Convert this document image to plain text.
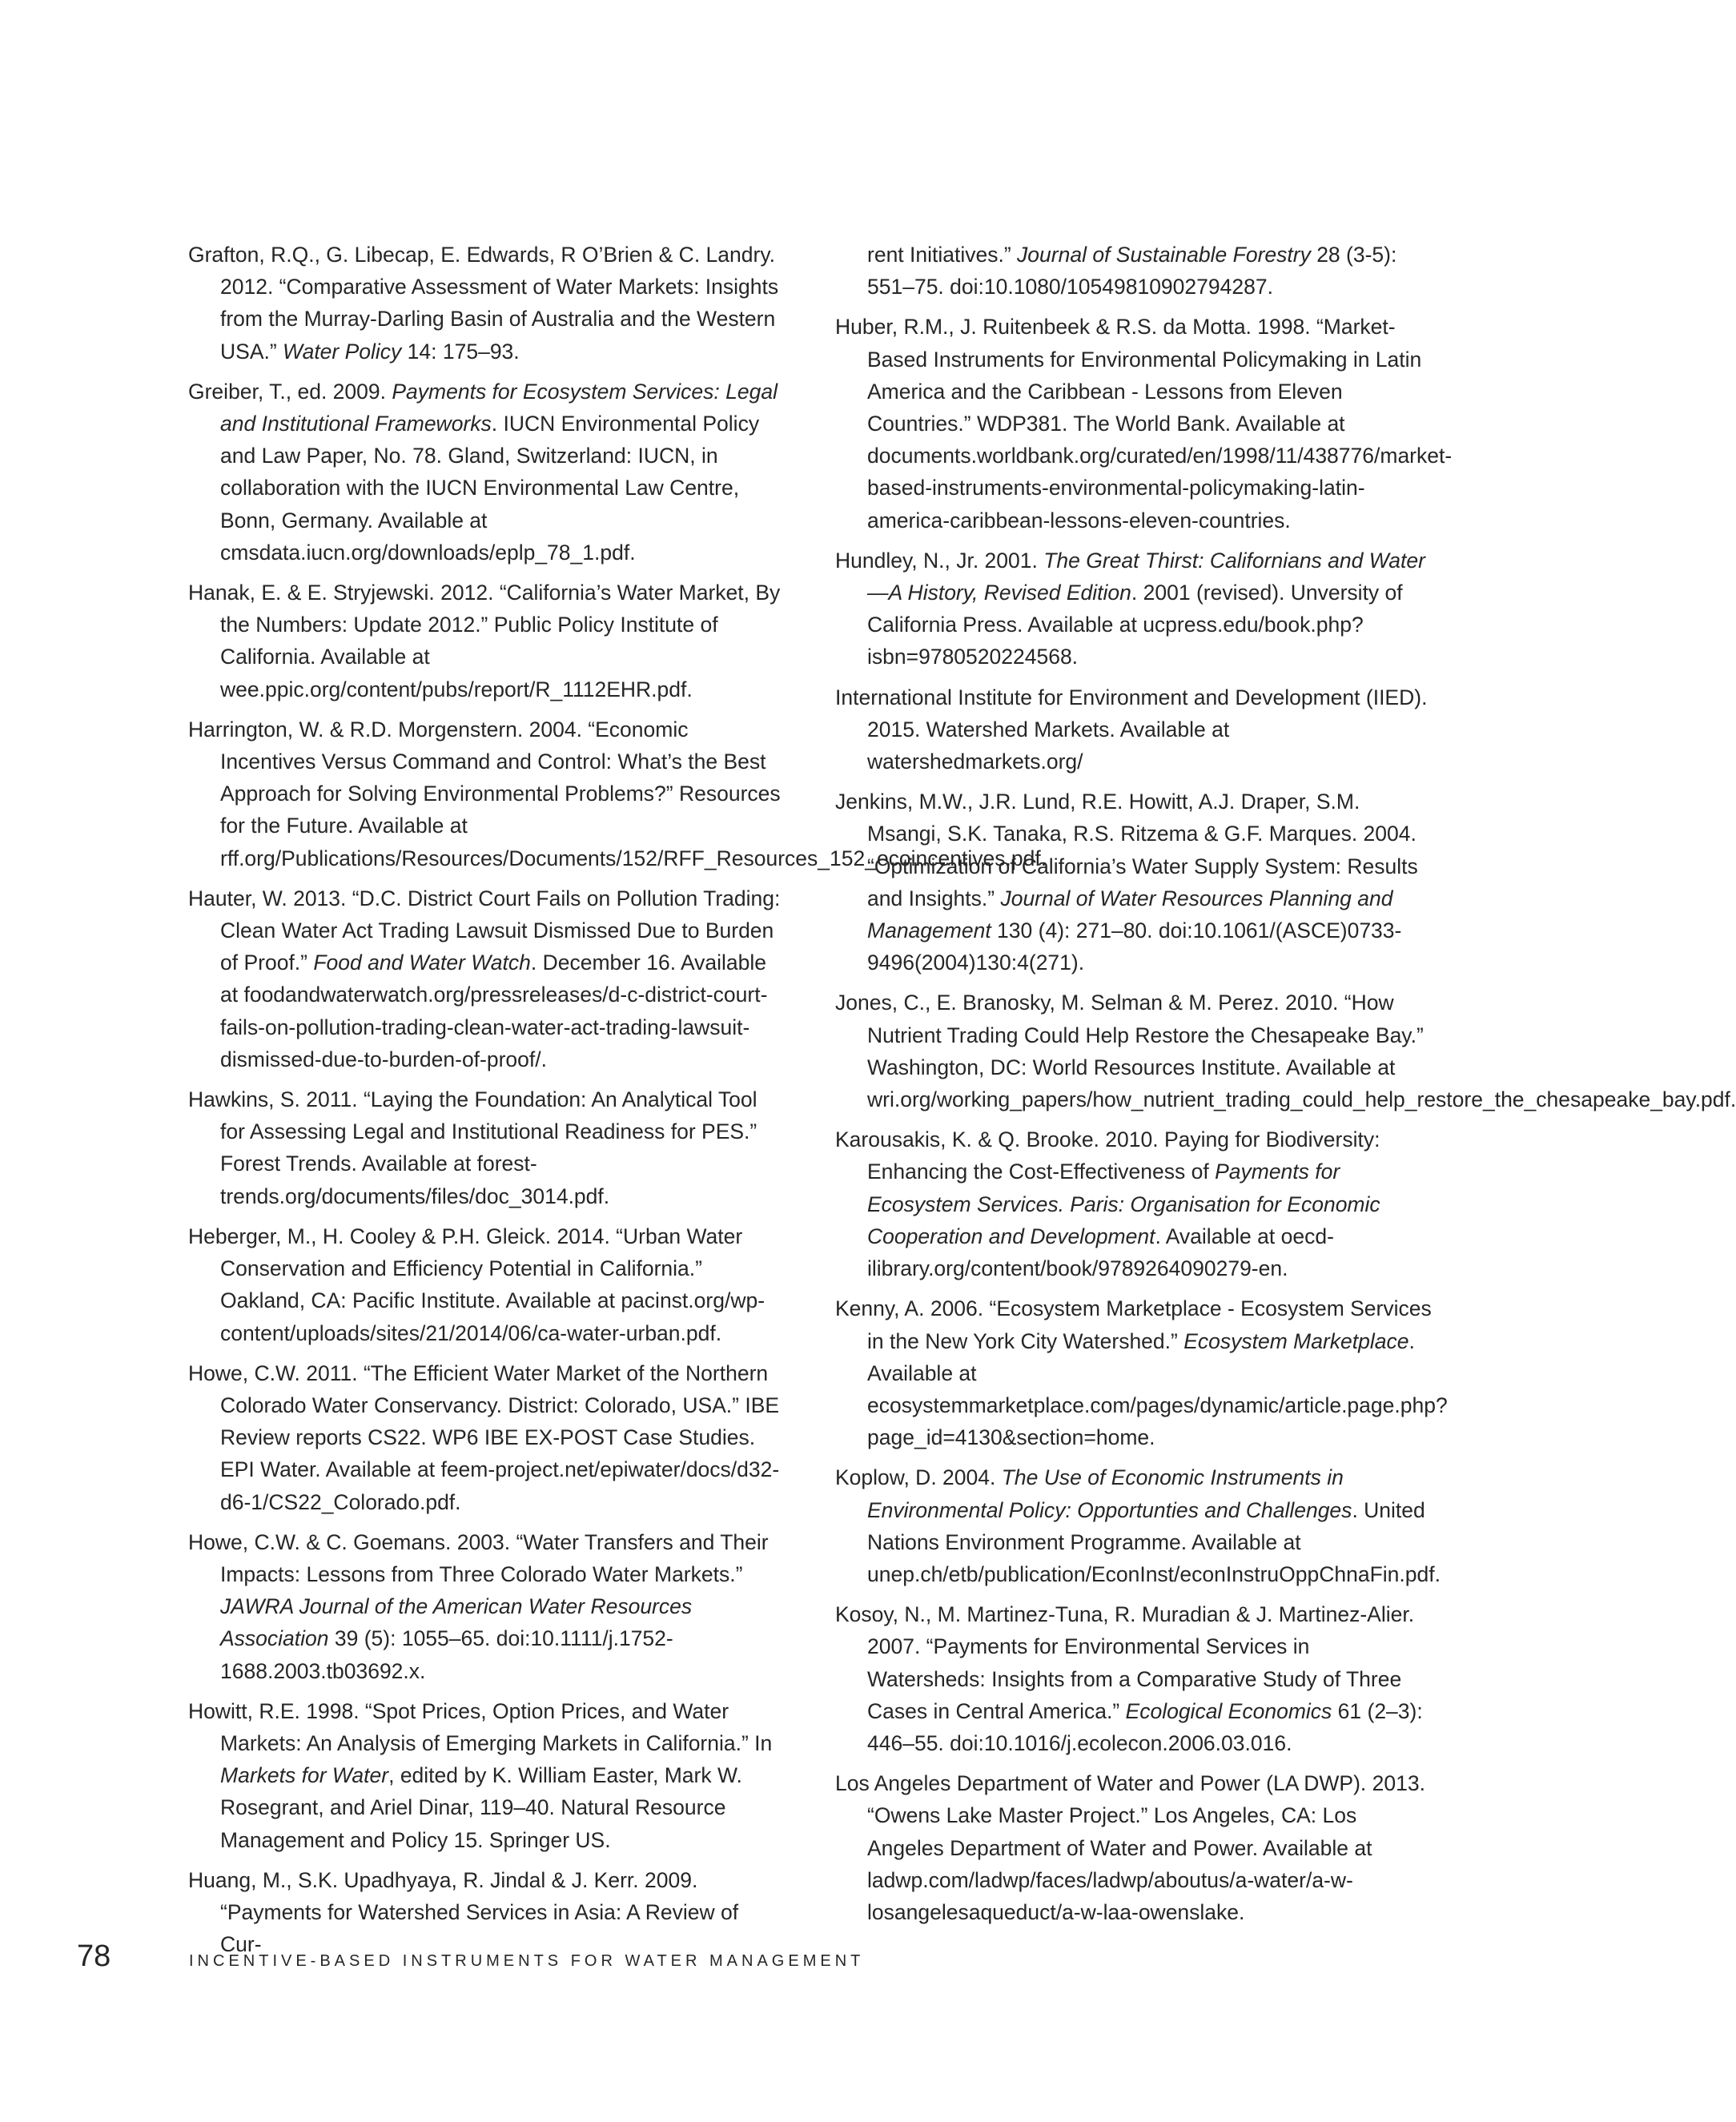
Grafton, R.Q., G. Libecap, E. Edwards, R O’Brien & C. Landry. 2012. “Comparative Assessment of Water Markets: Insights from the Murray-Darling Basin of Australia and the Western USA.” Water Policy 14: 175–93.

Greiber, T., ed. 2009. Payments for Ecosystem Services: Legal and Institutional Frameworks. IUCN Environmental Policy and Law Paper, No. 78. Gland, Switzerland: IUCN, in collaboration with the IUCN Environmental Law Centre, Bonn, Germany. Available at cmsdata.iucn.org/downloads/eplp_78_1.pdf.

Hanak, E. & E. Stryjewski. 2012. “California’s Water Market, By the Numbers: Update 2012.” Public Policy Institute of California. Available at wee.ppic.org/content/pubs/report/R_1112EHR.pdf.

Harrington, W. & R.D. Morgenstern. 2004. “Economic Incentives Versus Command and Control: What’s the Best Approach for Solving Environmental Problems?” Resources for the Future. Available at rff.org/Publications/Resources/Documents/152/RFF_Resources_152_ecoincentives.pdf.

Hauter, W. 2013. “D.C. District Court Fails on Pollution Trading: Clean Water Act Trading Lawsuit Dismissed Due to Burden of Proof.” Food and Water Watch. December 16. Available at foodandwaterwatch.org/pressreleases/d-c-district-court-fails-on-pollution-trading-clean-water-act-trading-lawsuit-dismissed-due-to-burden-of-proof/.

Hawkins, S. 2011. “Laying the Foundation: An Analytical Tool for Assessing Legal and Institutional Readiness for PES.” Forest Trends. Available at forest-trends.org/documents/files/doc_3014.pdf.

Heberger, M., H. Cooley & P.H. Gleick. 2014. “Urban Water Conservation and Efficiency Potential in California.” Oakland, CA: Pacific Institute. Available at pacinst.org/wp-content/uploads/sites/21/2014/06/ca-water-urban.pdf.

Howe, C.W. 2011. “The Efficient Water Market of the Northern Colorado Water Conservancy. District: Colorado, USA.” IBE Review reports CS22. WP6 IBE EX-POST Case Studies. EPI Water. Available at feem-project.net/epiwater/docs/d32-d6-1/CS22_Colorado.pdf.

Howe, C.W. & C. Goemans. 2003. “Water Transfers and Their Impacts: Lessons from Three Colorado Water Markets.” JAWRA Journal of the American Water Resources Association 39 (5): 1055–65. doi:10.1111/j.1752-1688.2003.tb03692.x.

Howitt, R.E. 1998. “Spot Prices, Option Prices, and Water Markets: An Analysis of Emerging Markets in California.” In Markets for Water, edited by K. William Easter, Mark W. Rosegrant, and Ariel Dinar, 119–40. Natural Resource Management and Policy 15. Springer US.

Huang, M., S.K. Upadhyaya, R. Jindal & J. Kerr. 2009. “Payments for Watershed Services in Asia: A Review of Cur-

rent Initiatives.” Journal of Sustainable Forestry 28 (3-5): 551–75. doi:10.1080/10549810902794287.

Huber, R.M., J. Ruitenbeek & R.S. da Motta. 1998. “Market-Based Instruments for Environmental Policymaking in Latin America and the Caribbean - Lessons from Eleven Countries.” WDP381. The World Bank. Available at documents.worldbank.org/curated/en/1998/11/438776/market-based-instruments-environmental-policymaking-latin-america-caribbean-lessons-eleven-countries.

Hundley, N., Jr. 2001. The Great Thirst: Californians and Water—A History, Revised Edition. 2001 (revised). Unversity of California Press. Available at ucpress.edu/book.php?isbn=9780520224568.

International Institute for Environment and Development (IIED). 2015. Watershed Markets. Available at watershedmarkets.org/

Jenkins, M.W., J.R. Lund, R.E. Howitt, A.J. Draper, S.M. Msangi, S.K. Tanaka, R.S. Ritzema & G.F. Marques. 2004. “Optimization of California’s Water Supply System: Results and Insights.” Journal of Water Resources Planning and Management 130 (4): 271–80. doi:10.1061/(ASCE)0733-9496(2004)130:4(271).

Jones, C., E. Branosky, M. Selman & M. Perez. 2010. “How Nutrient Trading Could Help Restore the Chesapeake Bay.” Washington, DC: World Resources Institute. Available at wri.org/working_papers/how_nutrient_trading_could_help_restore_the_chesapeake_bay.pdf.

Karousakis, K. & Q. Brooke. 2010. Paying for Biodiversity: Enhancing the Cost-Effectiveness of Payments for Ecosystem Services. Paris: Organisation for Economic Cooperation and Development. Available at oecd-ilibrary.org/content/book/9789264090279-en.

Kenny, A. 2006. “Ecosystem Marketplace - Ecosystem Services in the New York City Watershed.” Ecosystem Marketplace. Available at ecosystemmarketplace.com/pages/dynamic/article.page.php?page_id=4130&section=home.

Koplow, D. 2004. The Use of Economic Instruments in Environmental Policy: Opportunties and Challenges. United Nations Environment Programme. Available at unep.ch/etb/publication/EconInst/econInstruOppChnaFin.pdf.

Kosoy, N., M. Martinez-Tuna, R. Muradian & J. Martinez-Alier. 2007. “Payments for Environmental Services in Watersheds: Insights from a Comparative Study of Three Cases in Central America.” Ecological Economics 61 (2–3): 446–55. doi:10.1016/j.ecolecon.2006.03.016.

Los Angeles Department of Water and Power (LA DWP). 2013. “Owens Lake Master Project.” Los Angeles, CA: Los Angeles Department of Water and Power. Available at ladwp.com/ladwp/faces/ladwp/aboutus/a-water/a-w-losangelesaqueduct/a-w-laa-owenslake.

78	INCENTIVE-BASED INSTRUMENTS FOR WATER MANAGEMENT
